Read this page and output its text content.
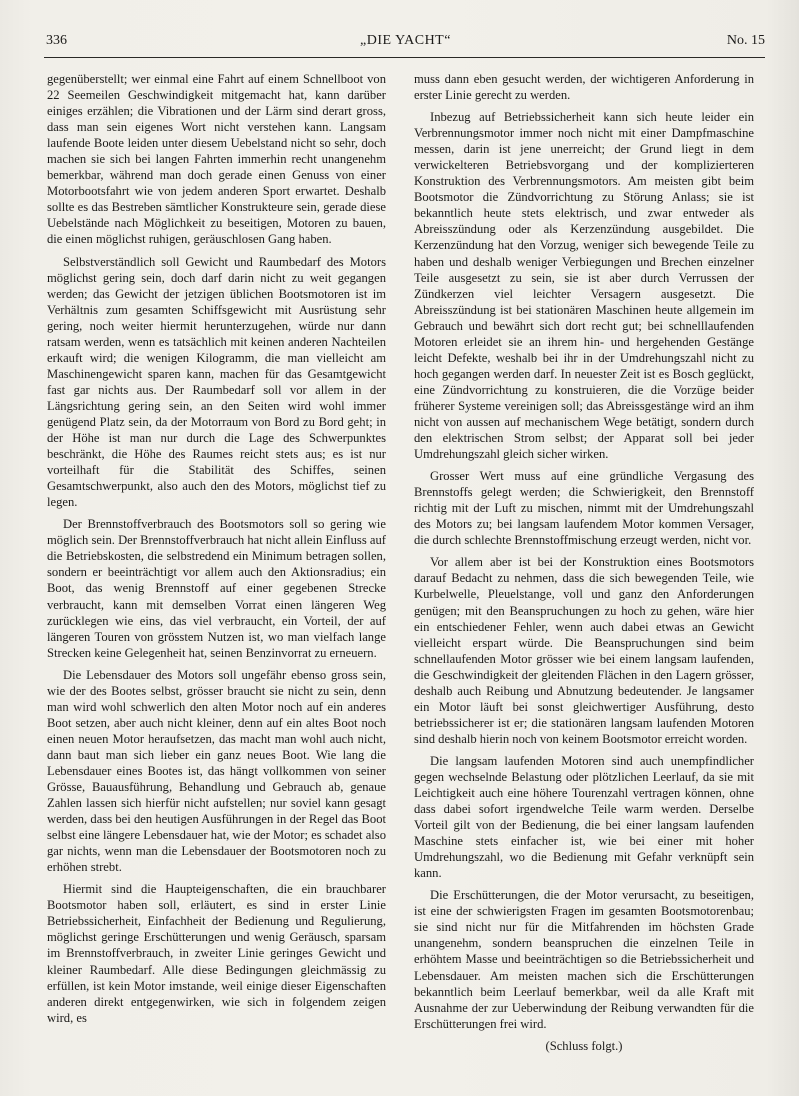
336	„DIE YACHT“	No. 15

gegenüberstellt; wer einmal eine Fahrt auf einem Schnellboot von 22 Seemeilen Geschwindigkeit mitgemacht hat, kann darüber einiges erzählen; die Vibrationen und der Lärm sind derart gross, dass man sein eigenes Wort nicht verstehen kann. Langsam laufende Boote leiden unter diesem Uebelstand nicht so sehr, doch machen sie sich bei langen Fahrten immerhin recht unangenehm bemerkbar, während man doch gerade einen Genuss von einer Motorbootsfahrt wie von jedem anderen Sport erwartet. Deshalb sollte es das Bestreben sämtlicher Konstrukteure sein, gerade diese Uebelstände nach Möglichkeit zu beseitigen, Motoren zu bauen, die einen möglichst ruhigen, geräuschlosen Gang haben.

Selbstverständlich soll Gewicht und Raumbedarf des Motors möglichst gering sein, doch darf darin nicht zu weit gegangen werden; das Gewicht der jetzigen üblichen Bootsmotoren ist im Verhältnis zum gesamten Schiffsgewicht mit Ausrüstung sehr gering, noch weiter hiermit herunterzugehen, würde nur dann ratsam werden, wenn es tatsächlich mit keinen anderen Nachteilen erkauft wird; die wenigen Kilogramm, die man vielleicht am Maschinengewicht sparen kann, machen für das Gesamtgewicht fast gar nichts aus. Der Raumbedarf soll vor allem in der Längsrichtung gering sein, an den Seiten wird wohl immer genügend Platz sein, da der Motorraum von Bord zu Bord geht; in der Höhe ist man nur durch die Lage des Schwerpunktes beschränkt, die Höhe des Raumes reicht stets aus; es ist nur vorteilhaft für die Stabilität des Schiffes, seinen Gesamtschwerpunkt, also auch den des Motors, möglichst tief zu legen.

Der Brennstoffverbrauch des Bootsmotors soll so gering wie möglich sein. Der Brennstoffverbrauch hat nicht allein Einfluss auf die Betriebskosten, die selbstredend ein Minimum betragen sollen, sondern er beeinträchtigt vor allem auch den Aktionsradius; ein Boot, das wenig Brennstoff auf einer gegebenen Strecke verbraucht, kann mit demselben Vorrat einen längeren Weg zurücklegen wie eins, das viel verbraucht, ein Vorteil, der auf längeren Touren von grösstem Nutzen ist, wo man vielfach lange Strecken keine Gelegenheit hat, seinen Benzinvorrat zu erneuern.

Die Lebensdauer des Motors soll ungefähr ebenso gross sein, wie der des Bootes selbst, grösser braucht sie nicht zu sein, denn man wird wohl schwerlich den alten Motor noch auf ein anderes Boot setzen, aber auch nicht kleiner, denn auf ein altes Boot noch einen neuen Motor heraufsetzen, das macht man wohl auch nicht, dann baut man sich lieber ein ganz neues Boot. Wie lang die Lebensdauer eines Bootes ist, das hängt vollkommen von seiner Grösse, Bauausführung, Behandlung und Gebrauch ab, genaue Zahlen lassen sich hierfür nicht aufstellen; nur soviel kann gesagt werden, dass bei den heutigen Ausführungen in der Regel das Boot selbst eine längere Lebensdauer hat, wie der Motor; es schadet also gar nichts, wenn man die Lebensdauer der Bootsmotoren noch zu erhöhen strebt.

Hiermit sind die Haupteigenschaften, die ein brauchbarer Bootsmotor haben soll, erläutert, es sind in erster Linie Betriebssicherheit, Einfachheit der Bedienung und Regulierung, möglichst geringe Erschütterungen und wenig Geräusch, sparsam im Brennstoffverbrauch, in zweiter Linie geringes Gewicht und kleiner Raumbedarf. Alle diese Bedingungen gleichmässig zu erfüllen, ist kein Motor imstande, weil einige dieser Eigenschaften anderen direkt entgegenwirken, wie sich in folgendem zeigen wird, es

muss dann eben gesucht werden, der wichtigeren Anforderung in erster Linie gerecht zu werden.

Inbezug auf Betriebssicherheit kann sich heute leider ein Verbrennungsmotor immer noch nicht mit einer Dampfmaschine messen, darin ist jene unerreicht; der Grund liegt in dem verwickelteren Betriebsvorgang und der komplizierteren Konstruktion des Verbrennungsmotors. Am meisten gibt beim Bootsmotor die Zündvorrichtung zu Störung Anlass; sie ist bekanntlich heute stets elektrisch, und zwar entweder als Abreisszündung oder als Kerzenzündung ausgebildet. Die Kerzenzündung hat den Vorzug, weniger sich bewegende Teile zu haben und deshalb weniger Verbiegungen und Brechen einzelner Teile ausgesetzt zu sein, sie ist aber durch Verrussen der Zündkerzen viel leichter Versagern ausgesetzt. Die Abreisszündung ist bei stationären Maschinen heute allgemein im Gebrauch und bewährt sich dort recht gut; bei schnelllaufenden Motoren erleidet sie an ihrem hin- und hergehenden Gestänge leicht Defekte, weshalb bei ihr in der Umdrehungszahl nicht zu hoch gegangen werden darf. In neuester Zeit ist es Bosch geglückt, eine Zündvorrichtung zu konstruieren, die die Vorzüge beider früherer Systeme vereinigen soll; das Abreissgestänge wird an ihm nicht von aussen auf mechanischem Wege betätigt, sondern durch den elektrischen Strom selbst; der Apparat soll bei jeder Umdrehungszahl gleich sicher wirken.

Grosser Wert muss auf eine gründliche Vergasung des Brennstoffs gelegt werden; die Schwierigkeit, den Brennstoff richtig mit der Luft zu mischen, nimmt mit der Umdrehungszahl des Motors zu; bei langsam laufendem Motor kommen Versager, die durch schlechte Brennstoffmischung erzeugt werden, nicht vor.

Vor allem aber ist bei der Konstruktion eines Bootsmotors darauf Bedacht zu nehmen, dass die sich bewegenden Teile, wie Kurbelwelle, Pleuelstange, voll und ganz den Anforderungen genügen; mit den Beanspruchungen zu hoch zu gehen, wäre hier ein entschiedener Fehler, wenn auch dabei etwas an Gewicht vielleicht erspart würde. Die Beanspruchungen sind beim schnellaufenden Motor grösser wie bei einem langsam laufenden, die Geschwindigkeit der gleitenden Flächen in den Lagern grösser, deshalb auch Reibung und Abnutzung bedeutender. Je langsamer ein Motor läuft bei sonst gleichwertiger Ausführung, desto betriebssicherer ist er; die stationären langsam laufenden Motoren sind deshalb hierin noch von keinem Bootsmotor erreicht worden.

Die langsam laufenden Motoren sind auch unempfindlicher gegen wechselnde Belastung oder plötzlichen Leerlauf, da sie mit Leichtigkeit auch eine höhere Tourenzahl vertragen können, ohne dass dabei sofort irgendwelche Teile warm werden. Derselbe Vorteil gilt von der Bedienung, die bei einer langsam laufenden Maschine stets einfacher ist, wie bei einer mit hoher Umdrehungszahl, wo die Bedienung mit Gefahr verknüpft sein kann.

Die Erschütterungen, die der Motor verursacht, zu beseitigen, ist eine der schwierigsten Fragen im gesamten Bootsmotorenbau; sie sind nicht nur für die Mitfahrenden im höchsten Grade unangenehm, sondern beanspruchen die einzelnen Teile in erhöhtem Masse und beeinträchtigen so die Betriebssicherheit und Lebensdauer. Am meisten machen sich die Erschütterungen bekanntlich beim Leerlauf bemerkbar, weil da alle Kraft mit Ausnahme der zur Ueberwindung der Reibung verwandten für die Erschütterungen frei wird.

(Schluss folgt.)
